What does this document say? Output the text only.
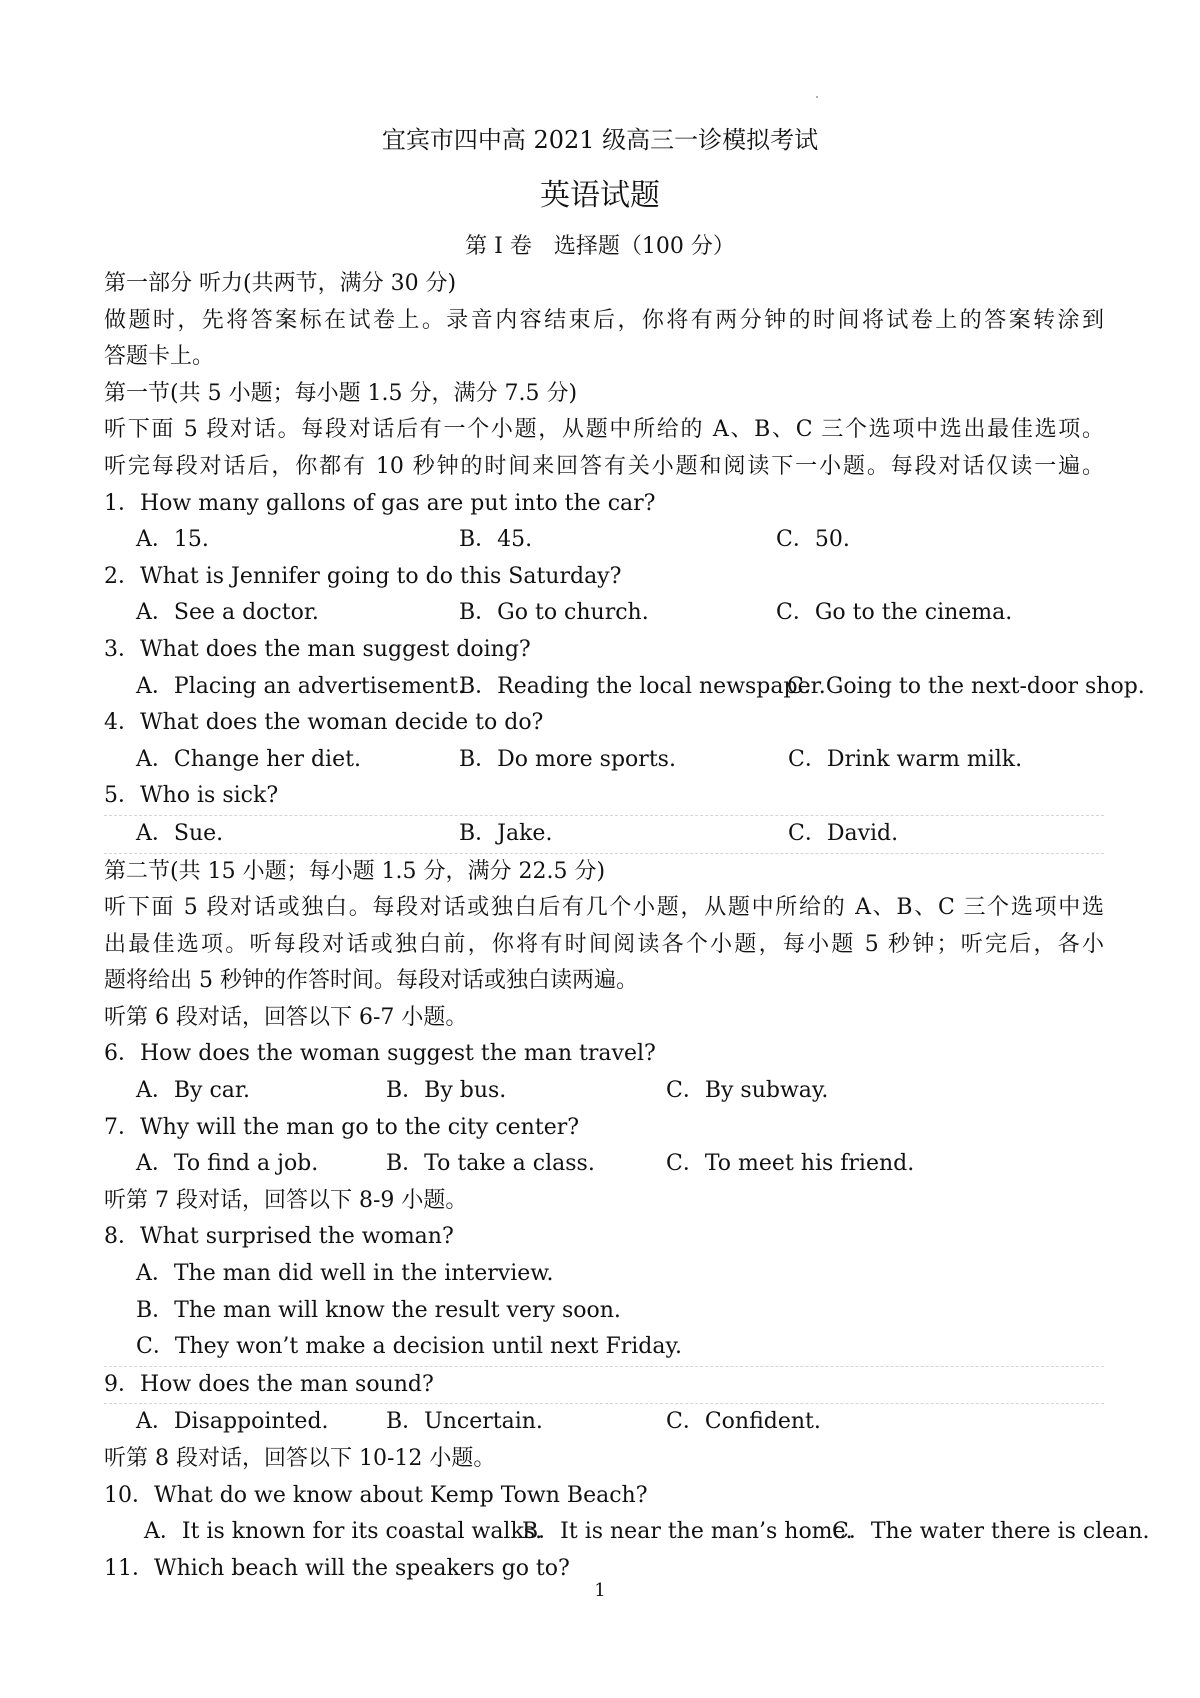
宜宾市四中高 2021 级高三一诊模拟考试
英语试题
第 I 卷　选择题（100 分）
第一部分 听力(共两节，满分 30 分)
做题时，先将答案标在试卷上。录音内容结束后，你将有两分钟的时间将试卷上的答案转涂到
答题卡上。
第一节(共 5 小题；每小题 1.5 分，满分 7.5 分)
听下面 5 段对话。每段对话后有一个小题，从题中所给的 A、B、C 三个选项中选出最佳选项。
听完每段对话后，你都有 10 秒钟的时间来回答有关小题和阅读下一小题。每段对话仅读一遍。
1．How many gallons of gas are put into the car?
A．15.	B．45.	C．50.
2．What is Jennifer going to do this Saturday?
A．See a doctor.	B．Go to church.	C．Go to the cinema.
3．What does the man suggest doing?
A．Placing an advertisement.
B．Reading the local newspaper.
C．Going to the next-door shop.
4．What does the woman decide to do?
A．Change her diet.	B．Do more sports.	C．Drink warm milk.
5．Who is sick?
A．Sue.	B．Jake.	C．David.
第二节(共 15 小题；每小题 1.5 分，满分 22.5 分)
听下面 5 段对话或独白。每段对话或独白后有几个小题，从题中所给的 A、B、C 三个选项中选
出最佳选项。听每段对话或独白前，你将有时间阅读各个小题，每小题 5 秒钟；听完后，各小
题将给出 5 秒钟的作答时间。每段对话或独白读两遍。
听第 6 段对话，回答以下 6-7 小题。
6．How does the woman suggest the man travel?
A．By car.	B．By bus.	C．By subway.
7．Why will the man go to the city center?
A．To find a job.	B．To take a class.	C．To meet his friend.
听第 7 段对话，回答以下 8-9 小题。
8．What surprised the woman?
A．The man did well in the interview.
B．The man will know the result very soon.
C．They won’t make a decision until next Friday.
9．How does the man sound?
A．Disappointed.	B．Uncertain.	C．Confident.
听第 8 段对话，回答以下 10-12 小题。
10．What do we know about Kemp Town Beach?
A．It is known for its coastal walks.
B．It is near the man’s home.
C．The water there is clean.
11．Which beach will the speakers go to?
1
